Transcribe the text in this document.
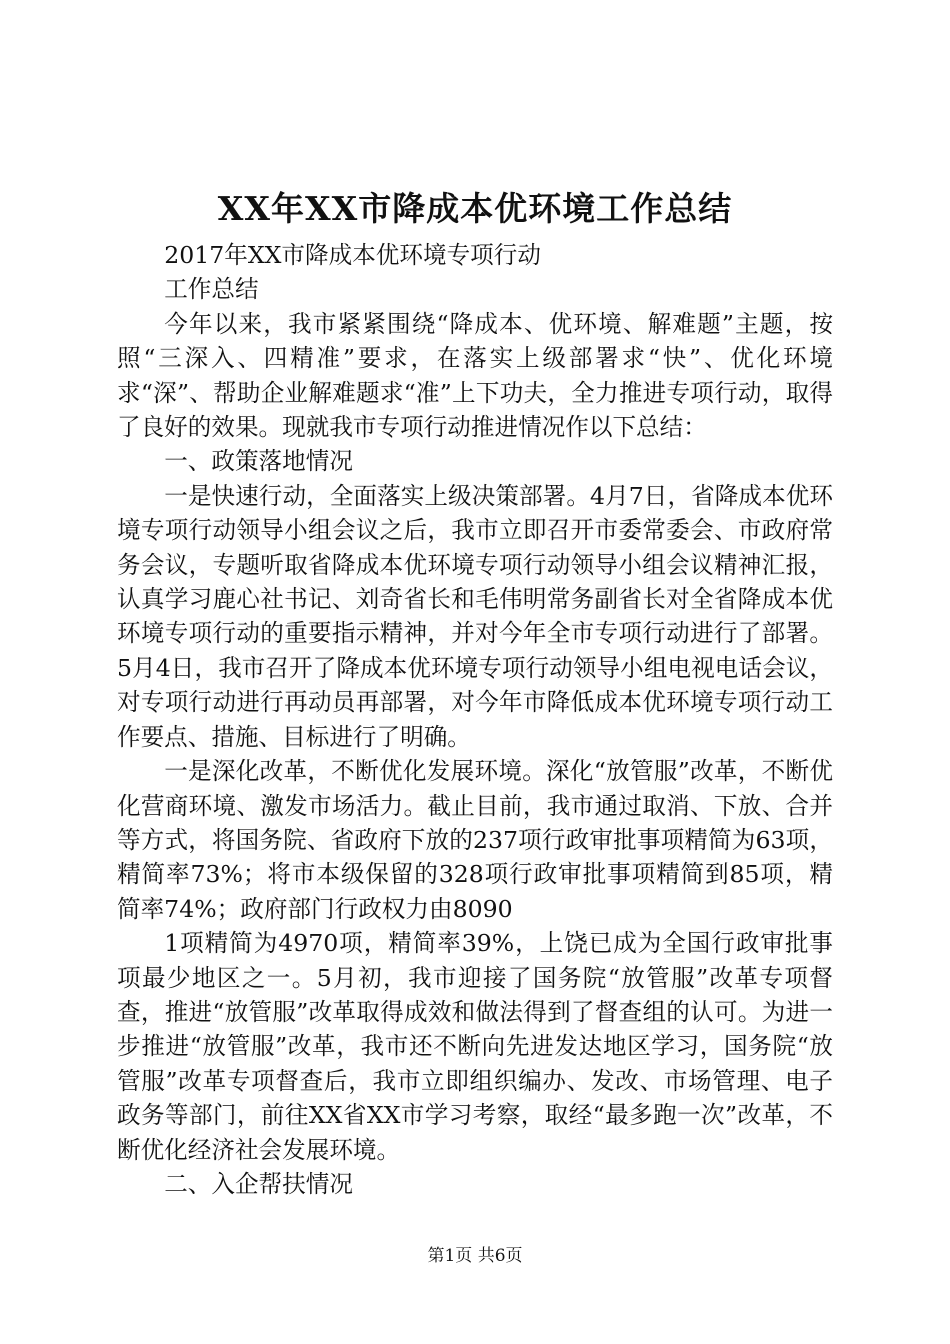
XX年XX市降成本优环境工作总结

2017年XX市降成本优环境专项行动

工作总结

今年以来，我市紧紧围绕“降成本、优环境、解难题”主题，按照“三深入、四精准”要求，在落实上级部署求“快”、优化环境求“深”、帮助企业解难题求“准”上下功夫，全力推进专项行动，取得了良好的效果。现就我市专项行动推进情况作以下总结：

一、政策落地情况

一是快速行动，全面落实上级决策部署。4月7日，省降成本优环境专项行动领导小组会议之后，我市立即召开市委常委会、市政府常务会议，专题听取省降成本优环境专项行动领导小组会议精神汇报，认真学习鹿心社书记、刘奇省长和毛伟明常务副省长对全省降成本优环境专项行动的重要指示精神，并对今年全市专项行动进行了部署。5月4日，我市召开了降成本优环境专项行动领导小组电视电话会议，对专项行动进行再动员再部署，对今年市降低成本优环境专项行动工作要点、措施、目标进行了明确。

一是深化改革，不断优化发展环境。深化“放管服”改革，不断优化营商环境、激发市场活力。截止目前，我市通过取消、下放、合并等方式，将国务院、省政府下放的237项行政审批事项精简为63项，精简率73%；将市本级保留的328项行政审批事项精简到85项，精简率74%；政府部门行政权力由8090

1项精简为4970项，精简率39%，上饶已成为全国行政审批事项最少地区之一。5月初，我市迎接了国务院“放管服”改革专项督查，推进“放管服”改革取得成效和做法得到了督查组的认可。为进一步推进“放管服”改革，我市还不断向先进发达地区学习，国务院“放管服”改革专项督查后，我市立即组织编办、发改、市场管理、电子政务等部门，前往XX省XX市学习考察，取经“最多跑一次”改革，不断优化经济社会发展环境。

二、入企帮扶情况

第1页 共6页
